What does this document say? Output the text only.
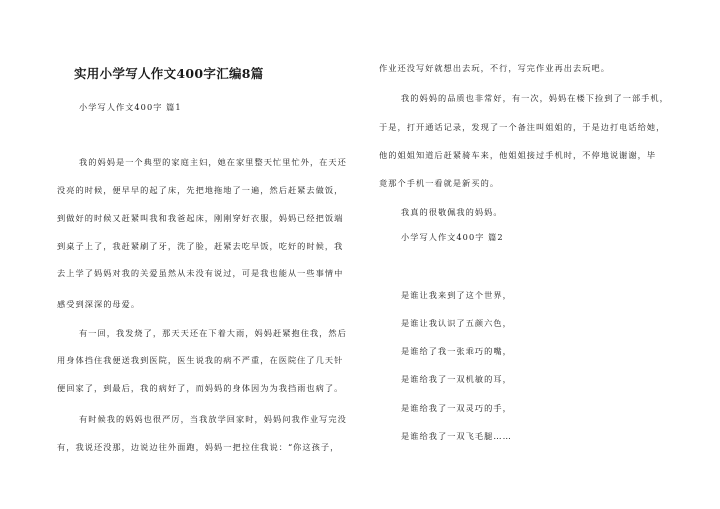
实用小学写人作文400字汇编8篇
小学写人作文400字 篇1
我的妈妈是一个典型的家庭主妇，她在家里整天忙里忙外，在天还
没亮的时候，便早早的起了床，先把地拖地了一遍，然后赶紧去做饭，
到做好的时候又赶紧叫我和我爸起床，刚刚穿好衣服，妈妈已经把饭端
到桌子上了，我赶紧刷了牙，洗了脸，赶紧去吃早饭，吃好的时候，我
去上学了妈妈对我的关爱虽然从未没有说过，可是我也能从一些事情中
感受到深深的母爱。
有一回，我发烧了，那天天还在下着大雨，妈妈赶紧抱住我，然后
用身体挡住我便送我到医院，医生说我的病不严重，在医院住了几天针
便回家了，到最后，我的病好了，而妈妈的身体因为为我挡雨也病了。
有时候我的妈妈也很严厉，当我放学回家时，妈妈问我作业写完没
有，我说还没那，边说边往外面跑，妈妈一把拉住我说：“你这孩子，
作业还没写好就想出去玩，不行，写完作业再出去玩吧。
我的妈妈的品质也非常好，有一次，妈妈在楼下捡到了一部手机，
于是，打开通话记录，发现了一个备注叫姐姐的，于是边打电话给她，
他的姐姐知道后赶紧骑车来，他姐姐接过手机时，不停地说谢谢，毕
竟那个手机一看就是新买的。
我真的很敬佩我的妈妈。
小学写人作文400字 篇2
是谁让我来到了这个世界，
是谁让我认识了五颜六色，
是谁给了我一张乖巧的嘴，
是谁给我了一双机敏的耳，
是谁给我了一双灵巧的手，
是谁给我了一双飞毛腿……
